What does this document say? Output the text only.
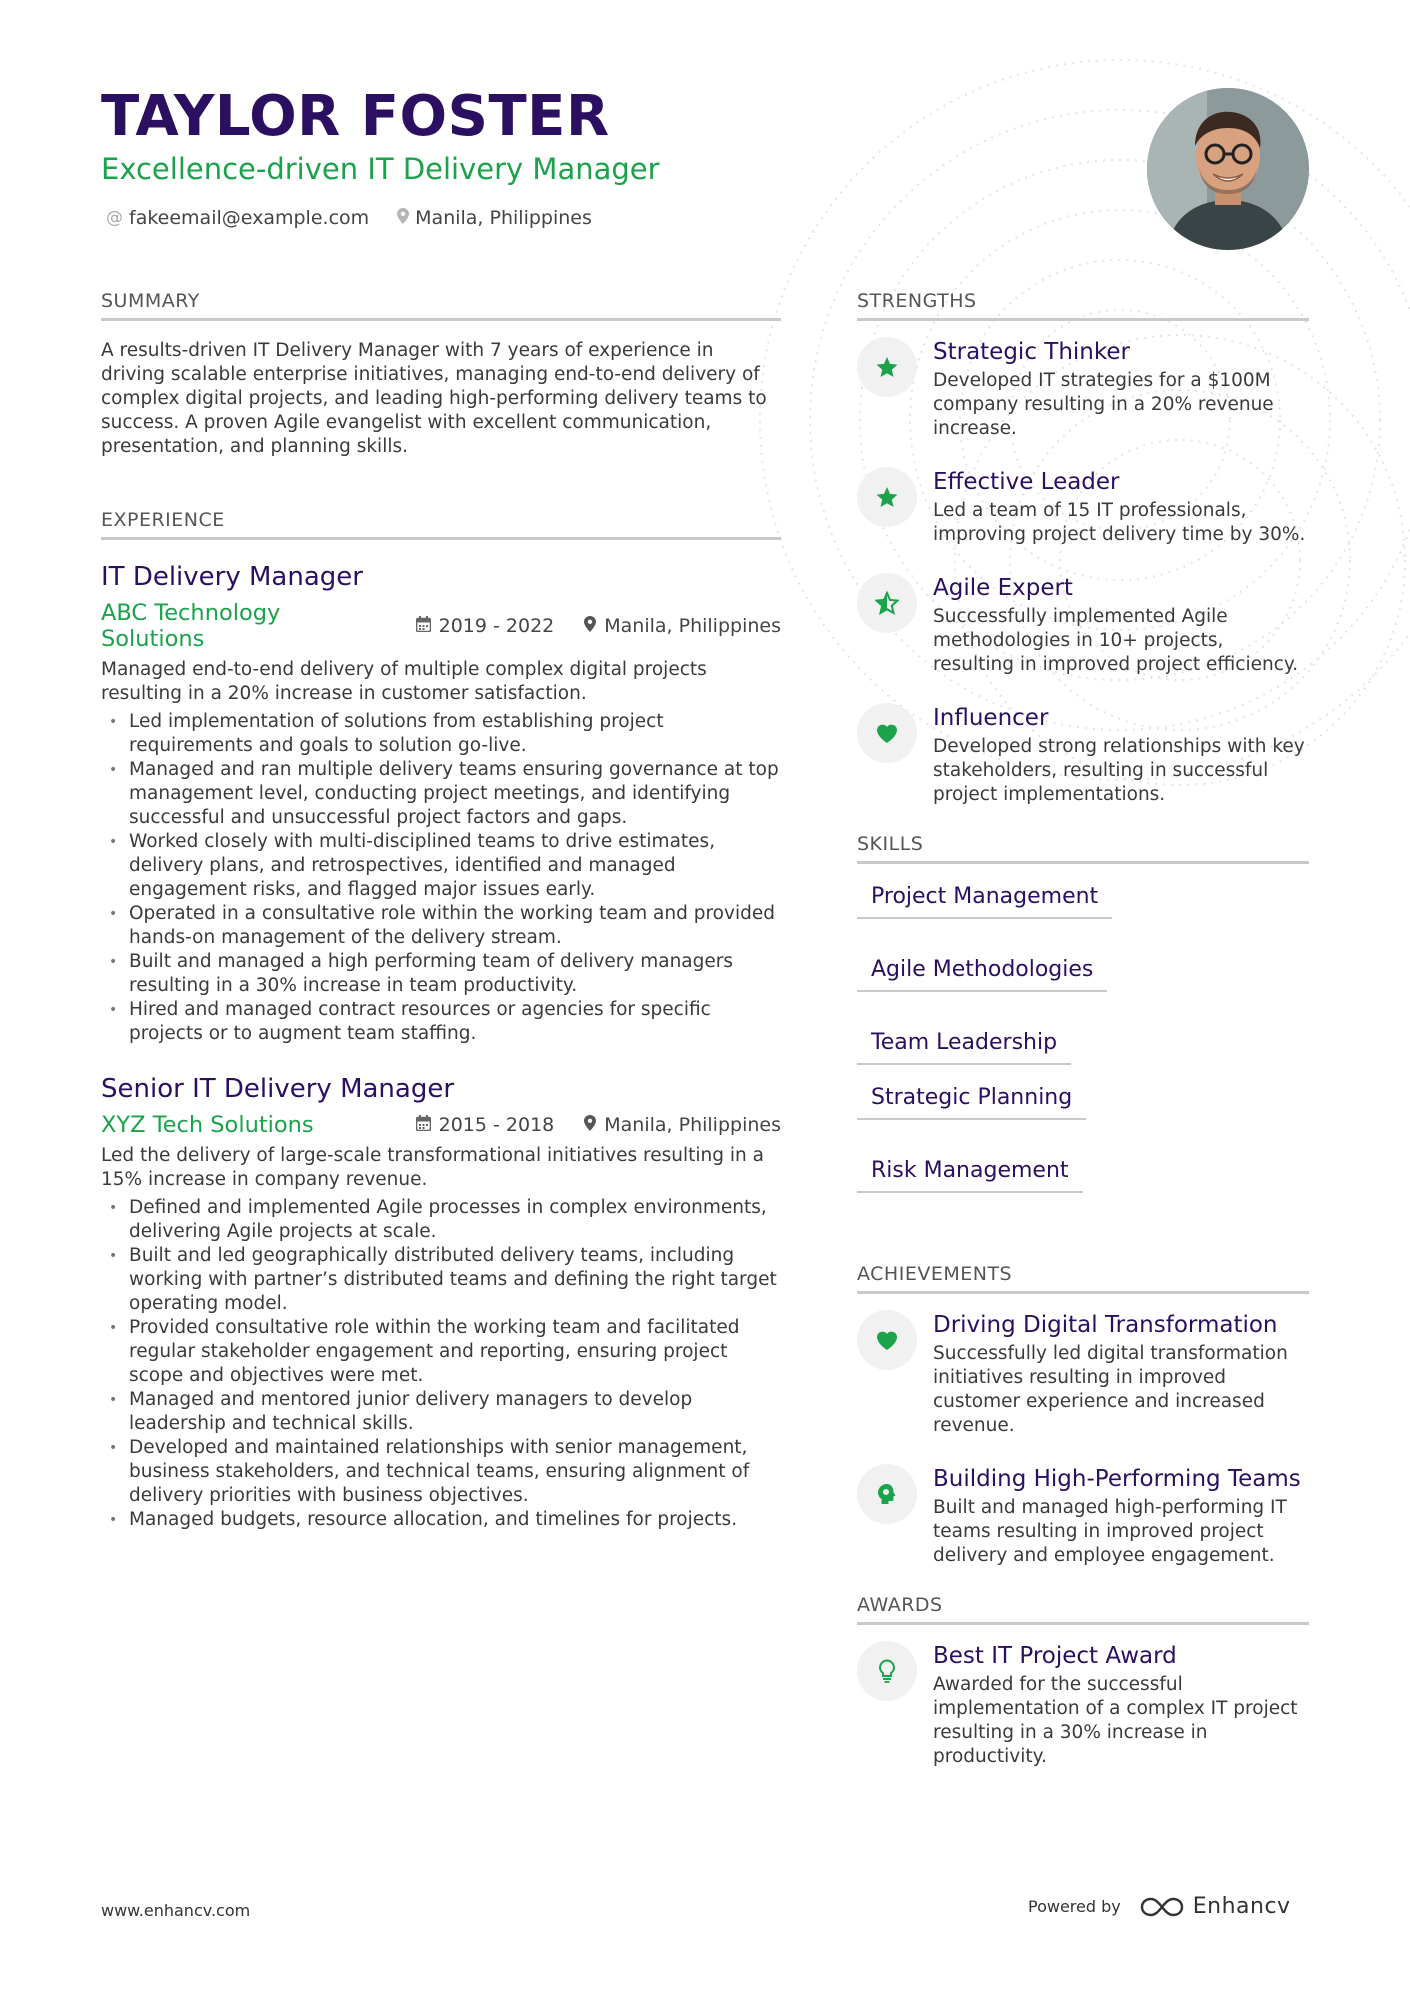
TAYLOR FOSTER
Excellence-driven IT Delivery Manager
@ fakeemail@example.com Manila, Philippines
SUMMARY
A results-driven IT Delivery Manager with 7 years of experience in driving scalable enterprise initiatives, managing end-to-end delivery of complex digital projects, and leading high-performing delivery teams to success. A proven Agile evangelist with excellent communication, presentation, and planning skills.
EXPERIENCE
IT Delivery Manager
ABC Technology Solutions	2019 - 2022	Manila, Philippines
Managed end-to-end delivery of multiple complex digital projects resulting in a 20% increase in customer satisfaction.
• Led implementation of solutions from establishing project requirements and goals to solution go-live.
• Managed and ran multiple delivery teams ensuring governance at top management level, conducting project meetings, and identifying successful and unsuccessful project factors and gaps.
• Worked closely with multi-disciplined teams to drive estimates, delivery plans, and retrospectives, identified and managed engagement risks, and flagged major issues early.
• Operated in a consultative role within the working team and provided hands-on management of the delivery stream.
• Built and managed a high performing team of delivery managers resulting in a 30% increase in team productivity.
• Hired and managed contract resources or agencies for specific projects or to augment team staffing.
Senior IT Delivery Manager
XYZ Tech Solutions	2015 - 2018	Manila, Philippines
Led the delivery of large-scale transformational initiatives resulting in a 15% increase in company revenue.
• Defined and implemented Agile processes in complex environments, delivering Agile projects at scale.
• Built and led geographically distributed delivery teams, including working with partner’s distributed teams and defining the right target operating model.
• Provided consultative role within the working team and facilitated regular stakeholder engagement and reporting, ensuring project scope and objectives were met.
• Managed and mentored junior delivery managers to develop leadership and technical skills.
• Developed and maintained relationships with senior management, business stakeholders, and technical teams, ensuring alignment of delivery priorities with business objectives.
• Managed budgets, resource allocation, and timelines for projects.
STRENGTHS
Strategic Thinker
Developed IT strategies for a $100M company resulting in a 20% revenue increase.
Effective Leader
Led a team of 15 IT professionals, improving project delivery time by 30%.
Agile Expert
Successfully implemented Agile methodologies in 10+ projects, resulting in improved project efficiency.
Influencer
Developed strong relationships with key stakeholders, resulting in successful project implementations.
SKILLS
Project Management
Agile Methodologies
Team Leadership
Strategic Planning
Risk Management
ACHIEVEMENTS
Driving Digital Transformation
Successfully led digital transformation initiatives resulting in improved customer experience and increased revenue.
Building High-Performing Teams
Built and managed high-performing IT teams resulting in improved project delivery and employee engagement.
AWARDS
Best IT Project Award
Awarded for the successful implementation of a complex IT project resulting in a 30% increase in productivity.
www.enhancv.com	Powered by	Enhancv
